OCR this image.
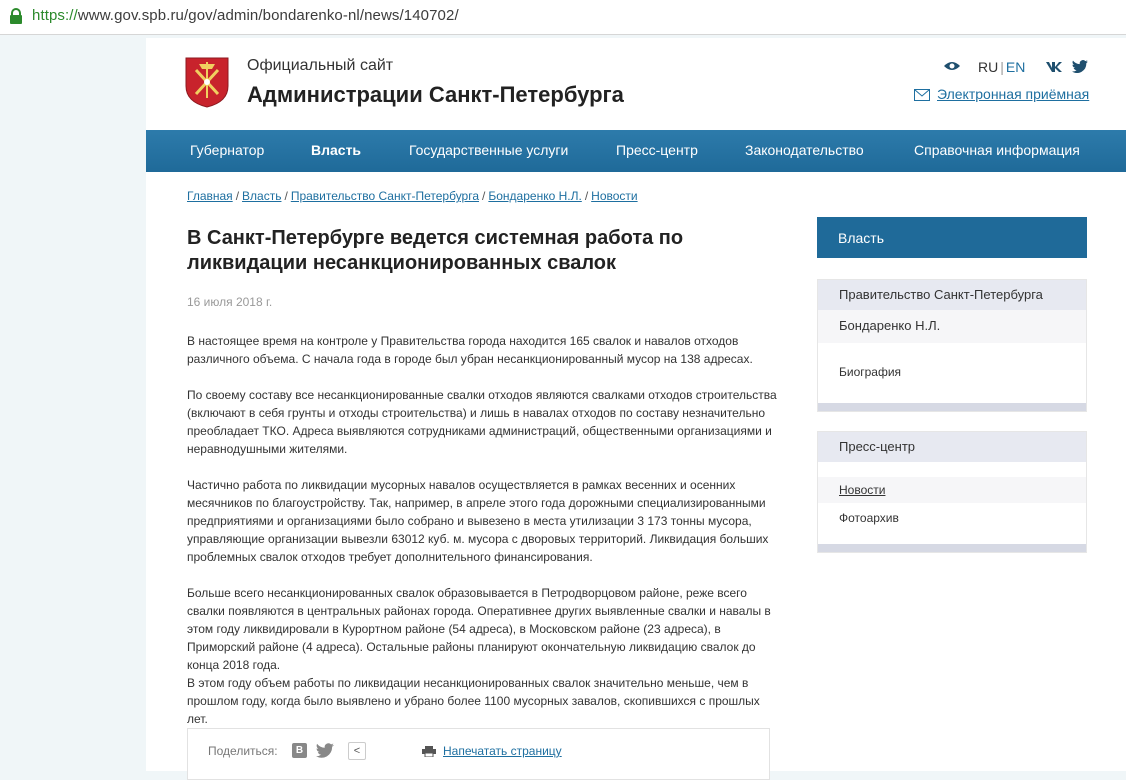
https://www.gov.spb.ru/gov/admin/bondarenko-nl/news/140702/
Официальный сайт
Администрации Санкт-Петербурга
RU | EN
Электронная приёмная
Губернатор	Власть	Государственные услуги	Пресс-центр	Законодательство	Справочная информация
Главная / Власть / Правительство Санкт-Петербурга / Бондаренко Н.Л. / Новости
В Санкт-Петербурге ведется системная работа по ликвидации несанкционированных свалок
16 июля 2018 г.
В настоящее время на контроле у Правительства города находится 165 свалок и навалов отходов различного объема. С начала года в городе был убран несанкционированный мусор на 138 адресах.
По своему составу все несанкционированные свалки отходов являются свалками отходов строительства (включают в себя грунты и отходы строительства) и лишь в навалах отходов по составу незначительно преобладает ТКО. Адреса выявляются сотрудниками администраций, общественными организациями и неравнодушными жителями.
Частично работа по ликвидации мусорных навалов осуществляется в рамках весенних и осенних месячников по благоустройству. Так, например, в апреле этого года дорожными специализированными предприятиями и организациями было собрано и вывезено в места утилизации 3 173 тонны мусора, управляющие организации вывезли 63012 куб. м. мусора с дворовых территорий. Ликвидация больших проблемных свалок отходов требует дополнительного финансирования.
Больше всего несанкционированных свалок образовывается в Петродворцовом районе, реже всего свалки появляются в центральных районах города. Оперативнее других выявленные свалки и навалы в этом году ликвидировали в Курортном районе (54 адреса), в Московском районе (23 адреса), в Приморский районе (4 адреса). Остальные районы планируют окончательную ликвидацию свалок до конца 2018 года.
В этом году объем работы по ликвидации несанкционированных свалок значительно меньше, чем в прошлом году, когда было выявлено и убрано более 1100 мусорных завалов, скопившихся с прошлых лет.
Поделиться:	В	<	Напечатать страницу
Власть
Правительство Санкт-Петербурга
Бондаренко Н.Л.
Биография
Пресс-центр
Новости
Фотоархив
